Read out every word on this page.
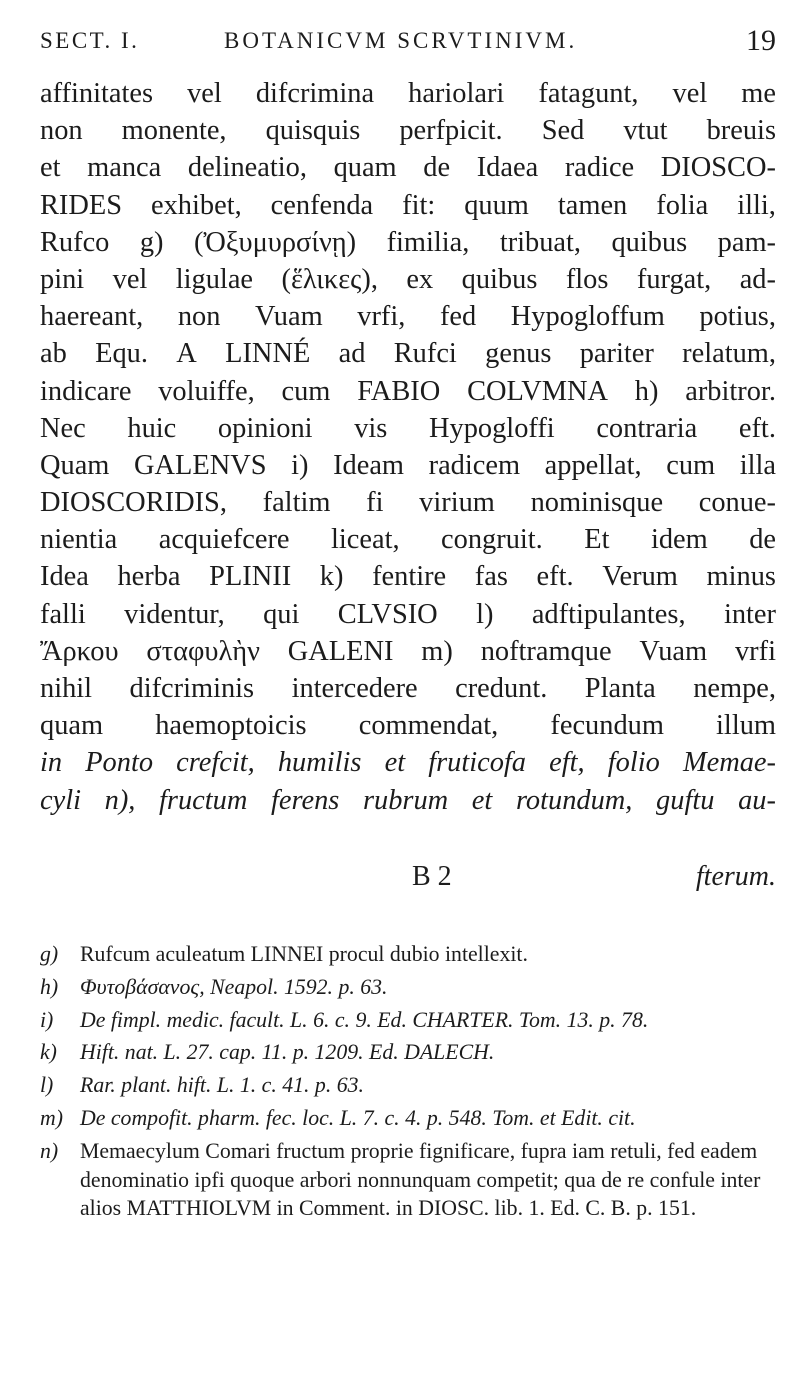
SECT. I.	BOTANICVM SCRVTINIVM.	19
affinitates vel difcrimina hariolari fatagunt, vel me
non monente, quisquis perfpicit. Sed vtut breuis
et manca delineatio, quam de Idaea radice DIOSCO-
RIDES exhibet, cenfenda fit: quum tamen folia illi,
Rufco g) (Ὀξυμυρσίνῃ) fimilia, tribuat, quibus pam-
pini vel ligulae (ἕλικες), ex quibus flos furgat, ad-
haereant, non Vuam vrfi, fed Hypogloffum potius,
ab Equ. A LINNÉ ad Rufci genus pariter relatum,
indicare voluiffe, cum FABIO COLVMNA h) arbitror.
Nec huic opinioni vis Hypogloffi contraria eft.
Quam GALENVS i) Ideam radicem appellat, cum illa
DIOSCORIDIS, faltim fi virium nominisque conue-
nientia acquiefcere liceat, congruit. Et idem de
Idea herba PLINII k) fentire fas eft. Verum minus
falli videntur, qui CLVSIO l) adftipulantes, inter
Ἄρκου σταφυλὴν GALENI m) noftramque Vuam vrfi
nihil difcriminis intercedere credunt. Planta nempe,
quam haemoptoicis commendat, fecundum illum
in Ponto crefcit, humilis et fruticofa eft, folio Memae-
cyli n), fructum ferens rubrum et rotundum, guftu au-
B 2	fterum.
g)	Rufcum aculeatum LINNEI procul dubio intellexit.
h)	Φυτοβάσανος, Neapol. 1592. p. 63.
i)	De fimpl. medic. facult. L. 6. c. 9. Ed. CHARTER. Tom. 13. p. 78.
k)	Hift. nat. L. 27. cap. 11. p. 1209. Ed. DALECH.
l)	Rar. plant. hift. L. 1. c. 41. p. 63.
m) De compofit. pharm. fec. loc. L. 7. c. 4. p. 548. Tom. et Edit. cit.
n)	Memaecylum Comari fructum proprie fignificare, fupra iam retuli, fed eadem denominatio ipfi quoque arbori nonnunquam competit; qua de re confule inter alios MATTHIOLVM in Comment. in DIOSC. lib. 1. Ed. C. B. p. 151.
